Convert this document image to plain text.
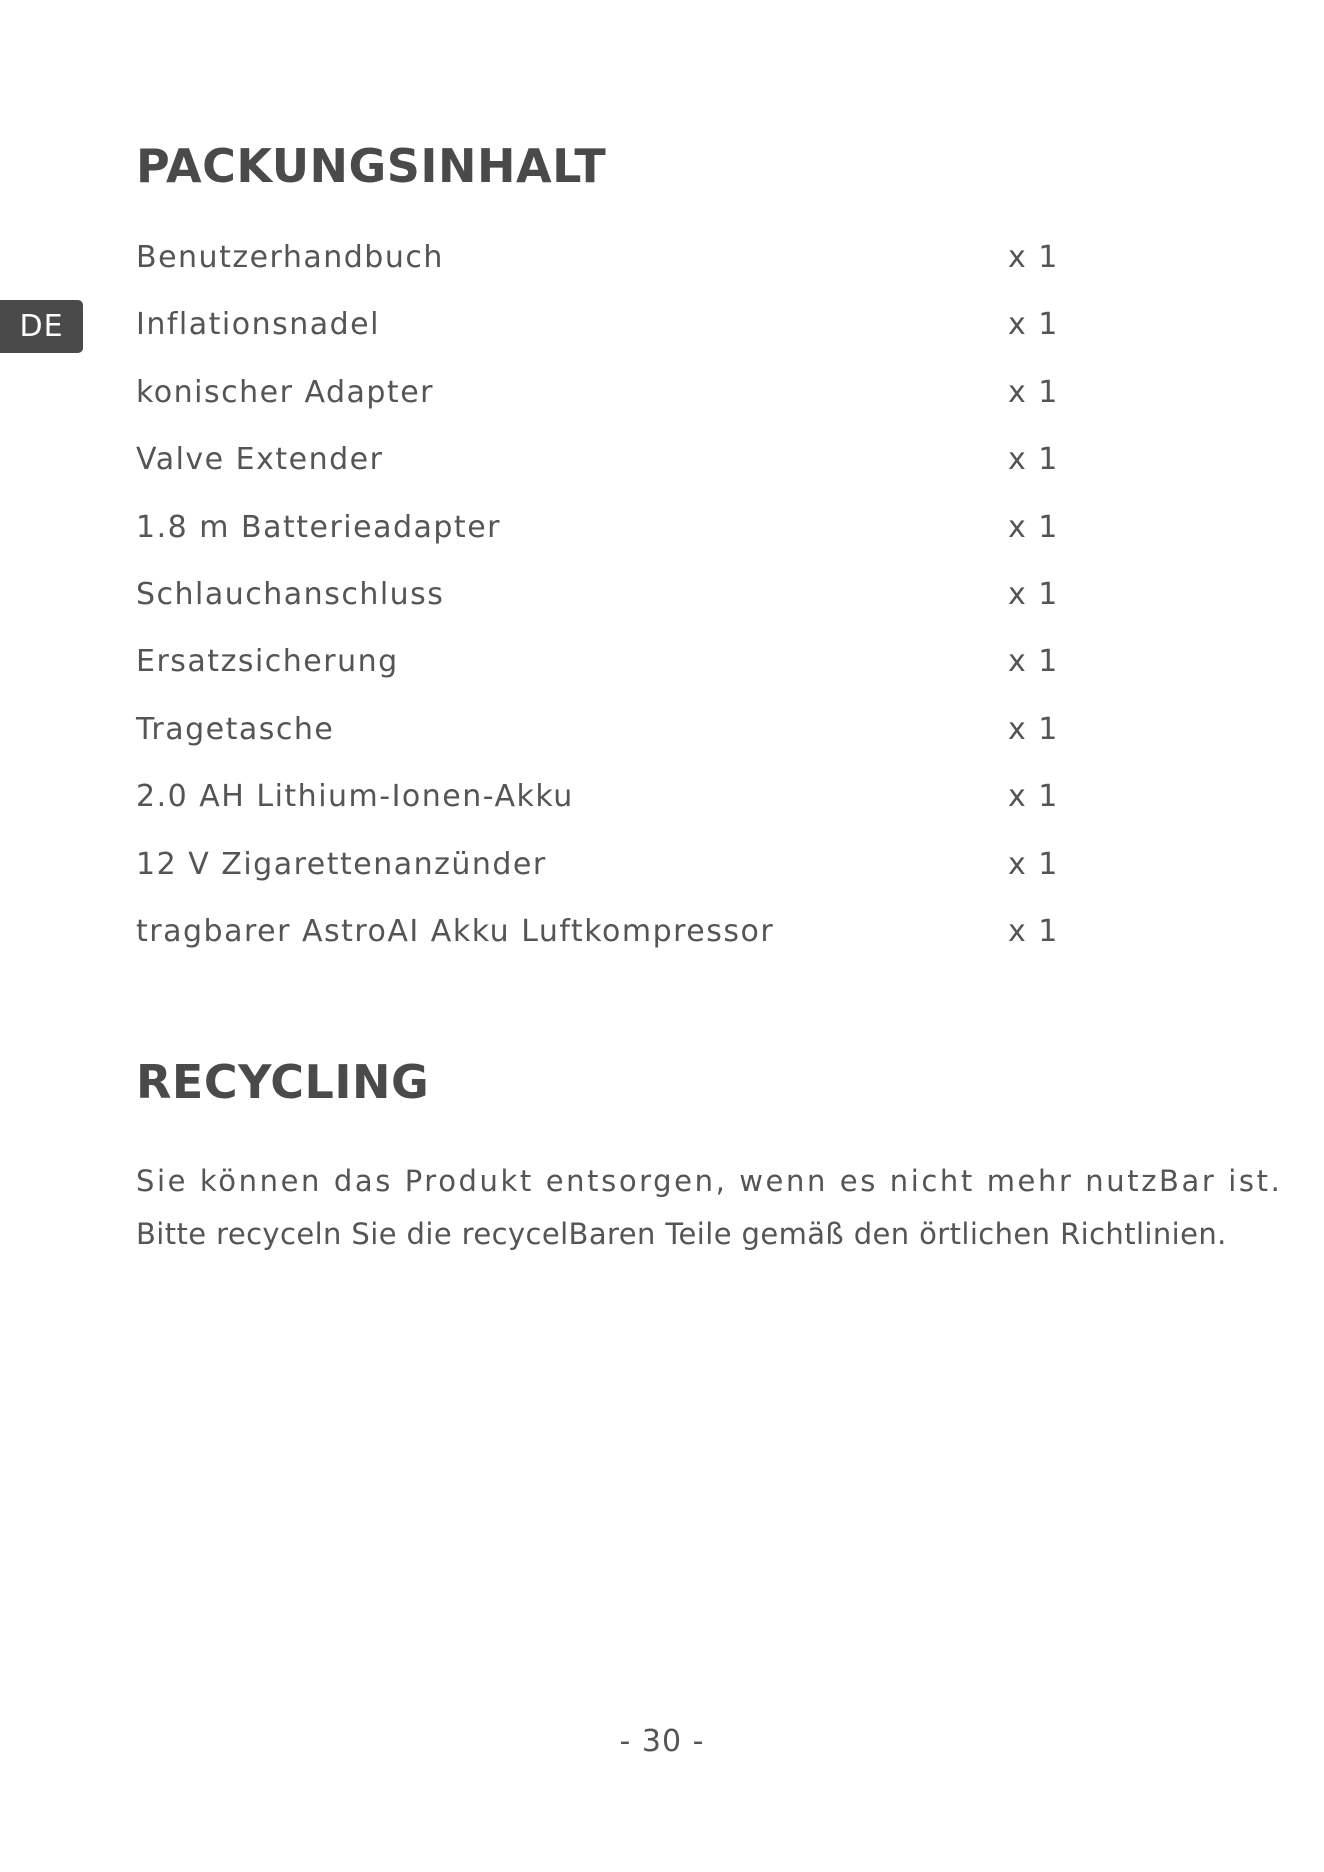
DE
PACKUNGSINHALT
Benutzerhandbuch	x 1
Inflationsnadel	x 1
konischer Adapter	x 1
Valve Extender	x 1
1.8 m Batterieadapter	x 1
Schlauchanschluss	x 1
Ersatzsicherung	x 1
Tragetasche	x 1
2.0 AH Lithium-Ionen-Akku	x 1
12 V Zigarettenanzünder	x 1
tragbarer AstroAI Akku Luftkompressor	x 1
RECYCLING

Sie können das Produkt entsorgen, wenn es nicht mehr nutzBar ist.
Bitte recyceln Sie die recycelBaren Teile gemäß den örtlichen Richtlinien.

- 30 -
